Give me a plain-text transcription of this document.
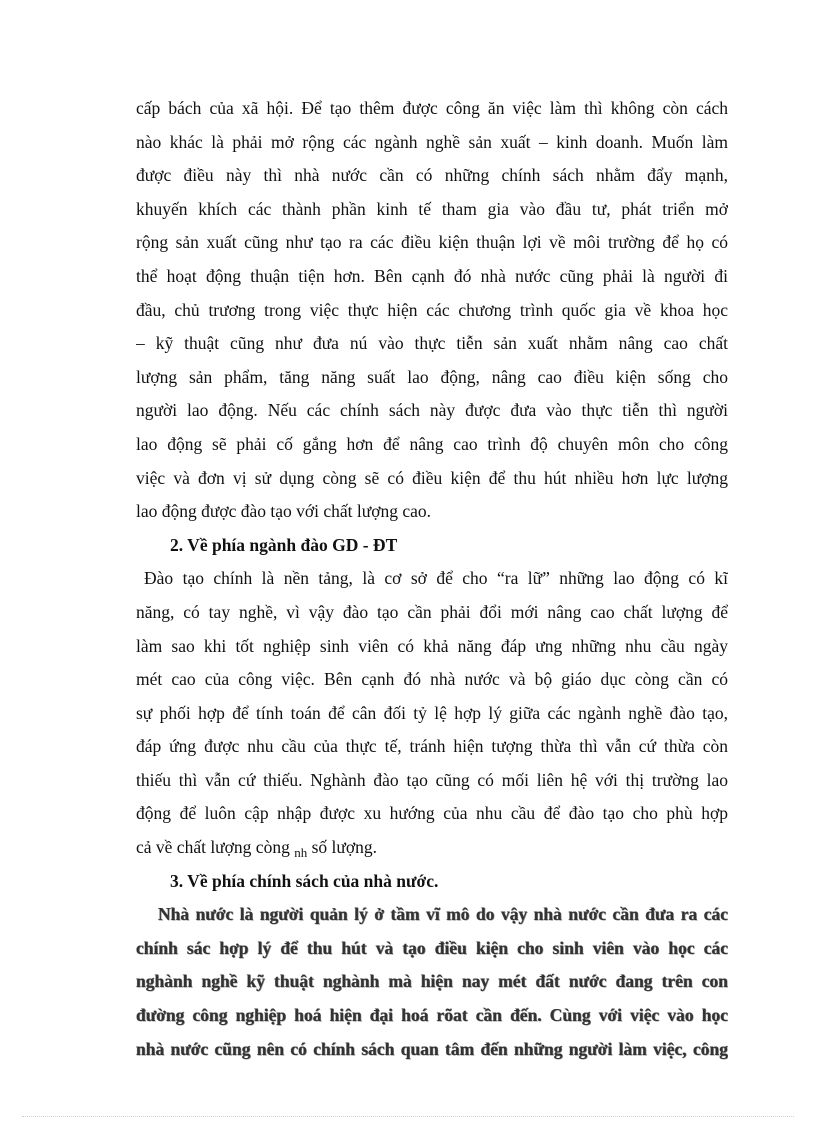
cấp bách của xã hội. Để tạo thêm được công ăn việc làm thì không còn cách
nào khác là phải mở rộng các ngành nghề sản xuất – kinh doanh. Muốn làm
được điều này thì nhà nước cần có những chính sách nhằm đẩy mạnh,
khuyến khích các thành phần kinh tế tham gia vào đầu tư, phát triển mở
rộng sản xuất cũng như tạo ra các điều kiện thuận lợi về môi trường để họ có
thể hoạt động thuận tiện hơn. Bên cạnh đó nhà nước cũng phải là người đi
đầu, chủ trương trong việc thực hiện các chương trình quốc gia về khoa học
– kỹ thuật cũng như đưa nú vào thực tiễn sản xuất nhằm nâng cao chất
lượng sản phẩm, tăng năng suất lao động, nâng cao điều kiện sống cho
người lao động. Nếu các chính sách này được đưa vào thực tiễn thì người
lao động sẽ phải cố gắng hơn để nâng cao trình độ chuyên môn cho công
việc và đơn vị sử dụng còng sẽ có điều kiện để thu hút nhiều hơn lực lượng
lao động được đào tạo với chất lượng cao.
2. Về phía ngành đào GD - ĐT
Đào tạo chính là nền tảng, là cơ sở để cho “ra lữ” những lao động có kĩ
năng, có tay nghề, vì vậy đào tạo cần phải đổi mới nâng cao chất lượng để
làm sao khi tốt nghiệp sinh viên có khả năng đáp ưng những nhu cầu ngày
mét cao của công việc. Bên cạnh đó nhà nước và bộ giáo dục còng cần có
sự phối hợp để tính toán để cân đối tỷ lệ hợp lý giữa các ngành nghề đào tạo,
đáp ứng được nhu cầu của thực tế, tránh hiện tượng thừa thì vẫn cứ thừa còn
thiếu thì vẫn cứ thiếu. Nghành đào tạo cũng có mối liên hệ với thị trường lao
động để luôn cập nhập được xu hướng của nhu cầu để đào tạo cho phù hợp
cả về chất lượng còng $_{nh}$ số lượng.
3. Về phía chính sách của nhà nước.
Nhà nước là người quản lý ở tầm vĩ mô do vậy nhà nước cần đưa ra các
chính sác hợp lý để thu hút và tạo điều kiện cho sinh viên vào học các
nghành nghề kỹ thuật nghành mà hiện nay mét đất nước đang trên con
đường công nghiệp hoá hiện đại hoá rõat cần đến. Cùng với việc vào học
nhà nước cũng nên có chính sách quan tâm đến những người làm việc, công
